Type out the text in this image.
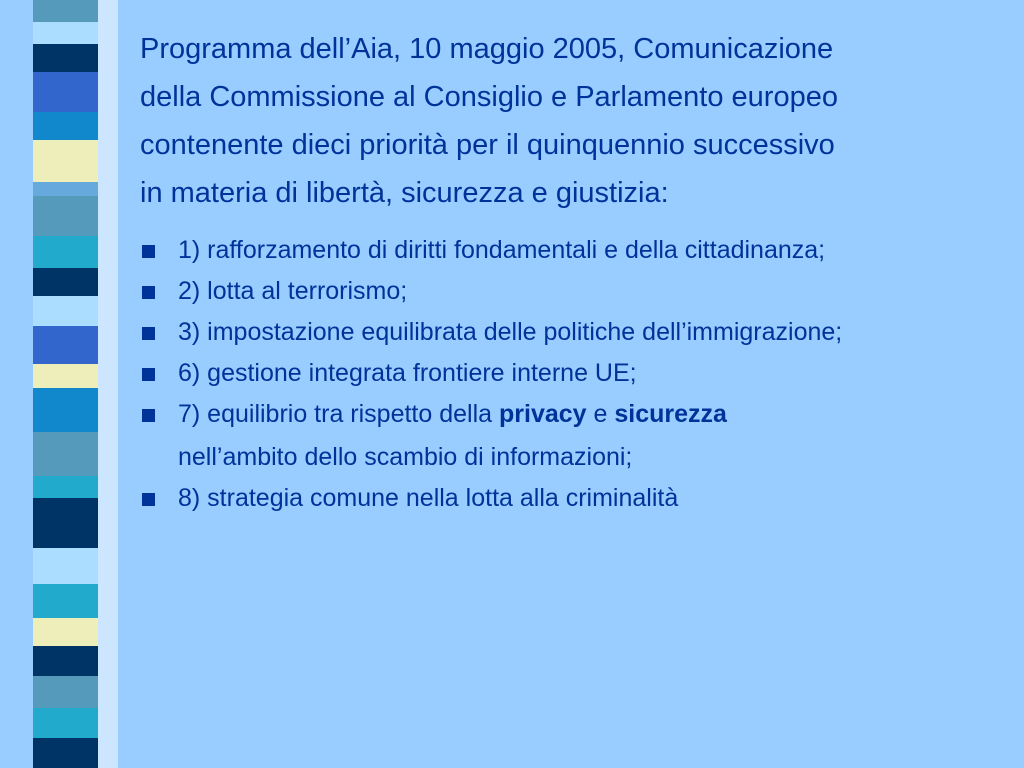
Programma dell’Aia, 10 maggio 2005, Comunicazione

della Commissione al Consiglio e Parlamento europeo

contenente dieci priorità per il quinquennio successivo

in materia di libertà, sicurezza e giustizia:

1) rafforzamento di diritti fondamentali e della cittadinanza;
2) lotta al terrorismo;
3) impostazione equilibrata delle politiche dell’immigrazione;
6) gestione integrata frontiere interne UE;
7) equilibrio tra rispetto della privacy e sicurezza
nell’ambito dello scambio di informazioni;
8) strategia comune nella lotta alla criminalità
